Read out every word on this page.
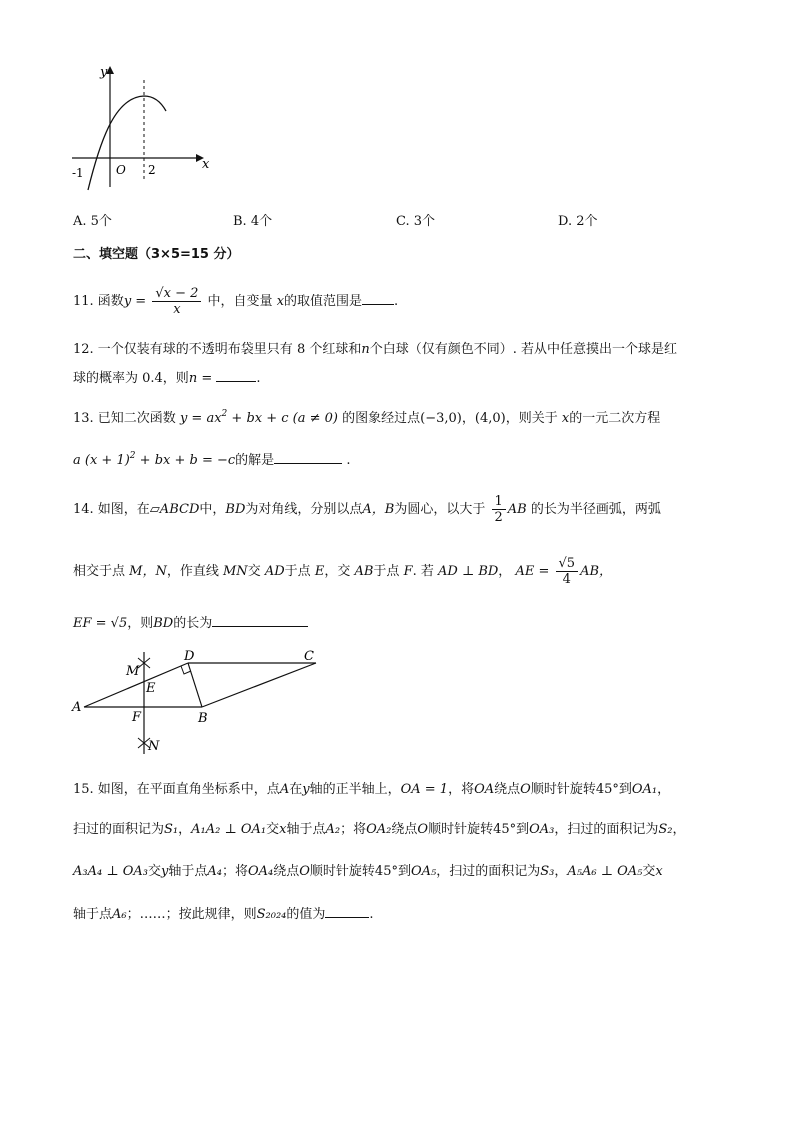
y
x
O
-1	2
A. 5个	B. 4个	C. 3个	D. 2个
二、填空题（3×5=15 分）
11. 函数$y = \frac{√x - 2}{x}$ 中，自变量 x的取值范围是 .
12. 一个仅装有球的不透明布袋里只有 8 个红球和n个白球（仅有颜色不同）. 若从中任意摸出一个球是红
球的概率为 0.4，则n =	.
13. 已知二次函数 $y = ax^2$ + bx + c (a ≠ 0) 的图象经过点(−3,0)，(4,0)，则关于 x的一元二次方程
a $(x + 1)^2$ + bx + b = −c的解是	.
14. 如图，在▱ABCD中，BD为对角线，分别以点A，B为圆心，以大于 $\frac{1}{2}$ AB 的长为半径画弧，两弧
相交于点 M，N，作直线 MN交 AD于点 E，交 AB于点 F. 若 AD ⊥ BD， AE = $\frac{√5}{4}$ AB，
EF = √5，则BD的长为
M
E
A
F
N
D	C
B
15. 如图，在平面直角坐标系中，点A在y轴的正半轴上，OA = 1，将OA绕点O顺时针旋转45°到OA₁，
扫过的面积记为S₁，A₁A₂ ⊥ OA₁交x轴于点A₂；将OA₂绕点O顺时针旋转45°到OA₃，扫过的面积记为S₂，
A₃A₄ ⊥ OA₃交y轴于点A₄；将OA₄绕点O顺时针旋转45°到OA₅，扫过的面积记为S₃，A₅A₆ ⊥ OA₅交x
轴于点A₆；……；按此规律，则S₂₀₂₄的值为	.
